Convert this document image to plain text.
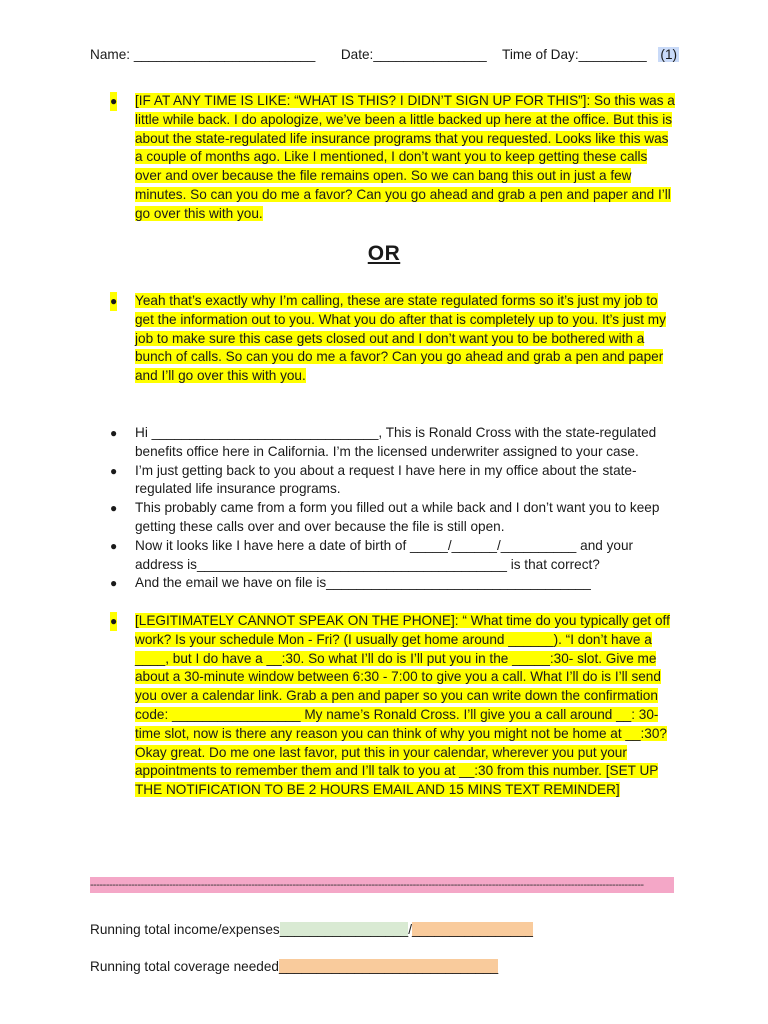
Name: ________________________ Date:_______________ Time of Day:_________ (1)
● [IF AT ANY TIME IS LIKE: “WHAT IS THIS? I DIDN’T SIGN UP FOR THIS”]: So this was a little while back. I do apologize, we’ve been a little backed up here at the office. But this is about the state-regulated life insurance programs that you requested. Looks like this was a couple of months ago. Like I mentioned, I don’t want you to keep getting these calls over and over because the file remains open. So we can bang this out in just a few minutes. So can you do me a favor? Can you go ahead and grab a pen and paper and I’ll go over this with you.
OR
● Yeah that’s exactly why I’m calling, these are state regulated forms so it’s just my job to get the information out to you. What you do after that is completely up to you. It’s just my job to make sure this case gets closed out and I don’t want you to be bothered with a bunch of calls. So can you do me a favor? Can you go ahead and grab a pen and paper and I’ll go over this with you.
● Hi ______________________________, This is Ronald Cross with the state-regulated benefits office here in California. I’m the licensed underwriter assigned to your case.
● I’m just getting back to you about a request I have here in my office about the state-regulated life insurance programs.
● This probably came from a form you filled out a while back and I don’t want you to keep getting these calls over and over because the file is still open.
● Now it looks like I have here a date of birth of _____/______/__________ and your address is_________________________________________ is that correct?
● And the email we have on file is___________________________________
● [LEGITIMATELY CANNOT SPEAK ON THE PHONE]: “ What time do you typically get off work? Is your schedule Mon - Fri? (I usually get home around ______). “I don’t have a ____, but I do have a __:30. So what I’ll do is I’ll put you in the _____:30- slot. Give me about a 30-minute window between 6:30 - 7:00 to give you a call. What I’ll do is I’ll send you over a calendar link. Grab a pen and paper so you can write down the confirmation code: _________________ My name’s Ronald Cross. I’ll give you a call around __: 30-time slot, now is there any reason you can think of why you might not be home at __:30? Okay great. Do me one last favor, put this in your calendar, wherever you put your appointments to remember them and I’ll talk to you at __:30 from this number. [SET UP THE NOTIFICATION TO BE 2 HOURS EMAIL AND 15 MINS TEXT REMINDER]
-------------------------------------------------------------------------------------------------------------------------------------------------------------------------------
Running total income/expenses_________________/________________
Running total coverage needed_____________________________
